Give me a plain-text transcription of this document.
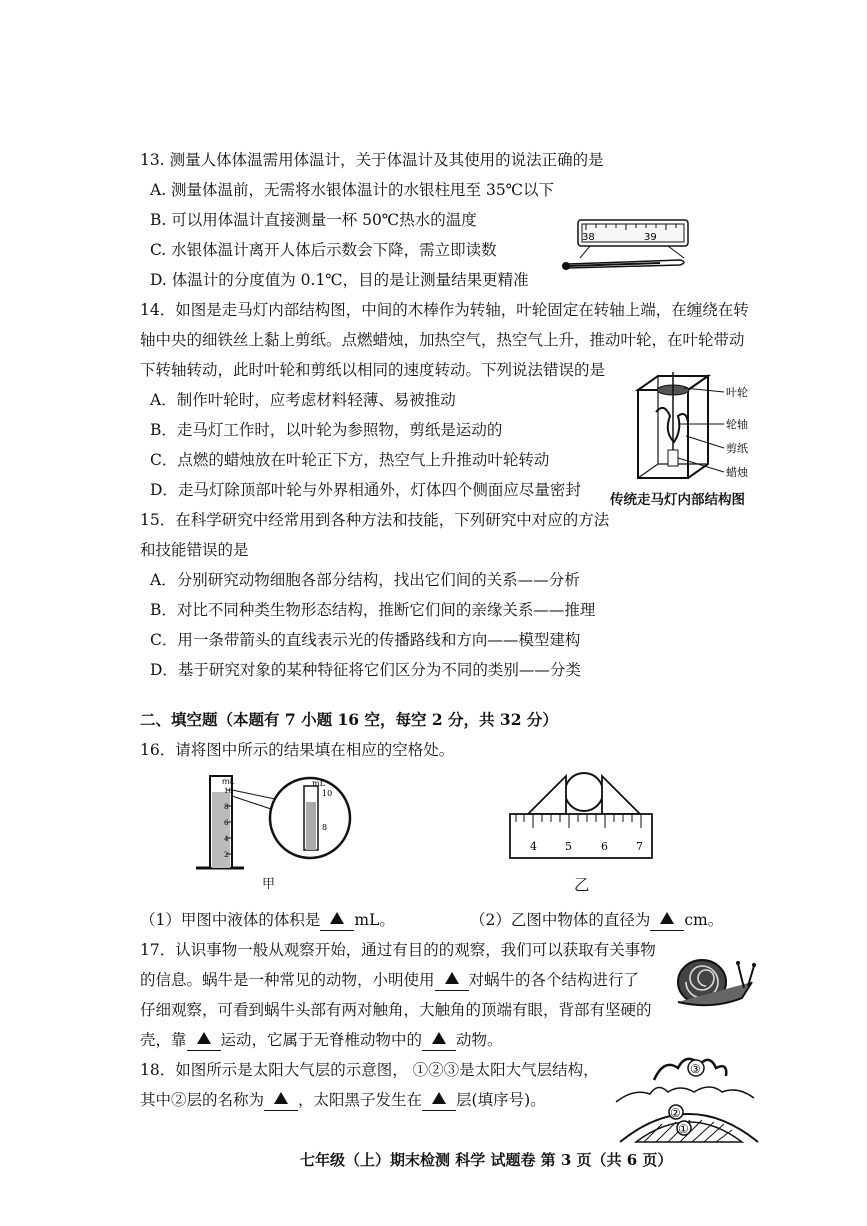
13. 测量人体体温需用体温计，关于体温计及其使用的说法正确的是
A. 测量体温前，无需将水银体温计的水银柱甩至 35℃以下
B. 可以用体温计直接测量一杯 50℃热水的温度
C. 水银体温计离开人体后示数会下降，需立即读数
D. 体温计的分度值为 0.1℃，目的是让测量结果更精准
38	39
14．如图是走马灯内部结构图，中间的木棒作为转轴，叶轮固定在转轴上端，在缠绕在转
轴中央的细铁丝上黏上剪纸。点燃蜡烛，加热空气，热空气上升，推动叶轮，在叶轮带动
下转轴转动，此时叶轮和剪纸以相同的速度转动。下列说法错误的是
A．制作叶轮时，应考虑材料轻薄、易被推动
B．走马灯工作时，以叶轮为参照物，剪纸是运动的
C．点燃的蜡烛放在叶轮正下方，热空气上升推动叶轮转动
D．走马灯除顶部叶轮与外界相通外，灯体四个侧面应尽量密封
叶轮
轮轴
剪纸
蜡烛
传统走马灯内部结构图
15．在科学研究中经常用到各种方法和技能，下列研究中对应的方法
和技能错误的是
A．分别研究动物细胞各部分结构，找出它们间的关系——分析
B．对比不同种类生物形态结构，推断它们间的亲缘关系——推理
C．用一条带箭头的直线表示光的传播路线和方向——模型建构
D．基于研究对象的某种特征将它们区分为不同的类别——分类
二、填空题（本题有 7 小题 16 空，每空 2 分，共 32 分）
16．请将图中所示的结果填在相应的空格处。
mL
10
8
6
4
2
mL
10
8
甲
4	5	6	7
乙
（1）甲图中液体的体积是 mL。	（2）乙图中物体的直径为 cm。
17．认识事物一般从观察开始，通过有目的的观察，我们可以获取有关事物
的信息。蜗牛是一种常见的动物，小明使用 对蜗牛的各个结构进行了
仔细观察，可看到蜗牛头部有两对触角，大触角的顶端有眼，背部有坚硬的
壳，靠 运动，它属于无脊椎动物中的 动物。
18．如图所示是太阳大气层的示意图， ①②③是太阳大气层结构，
其中②层的名称为 ，太阳黑子发生在 层(填序号)。
③
②
①
七年级（上）期末检测 科学 试题卷 第 3 页（共 6 页）
